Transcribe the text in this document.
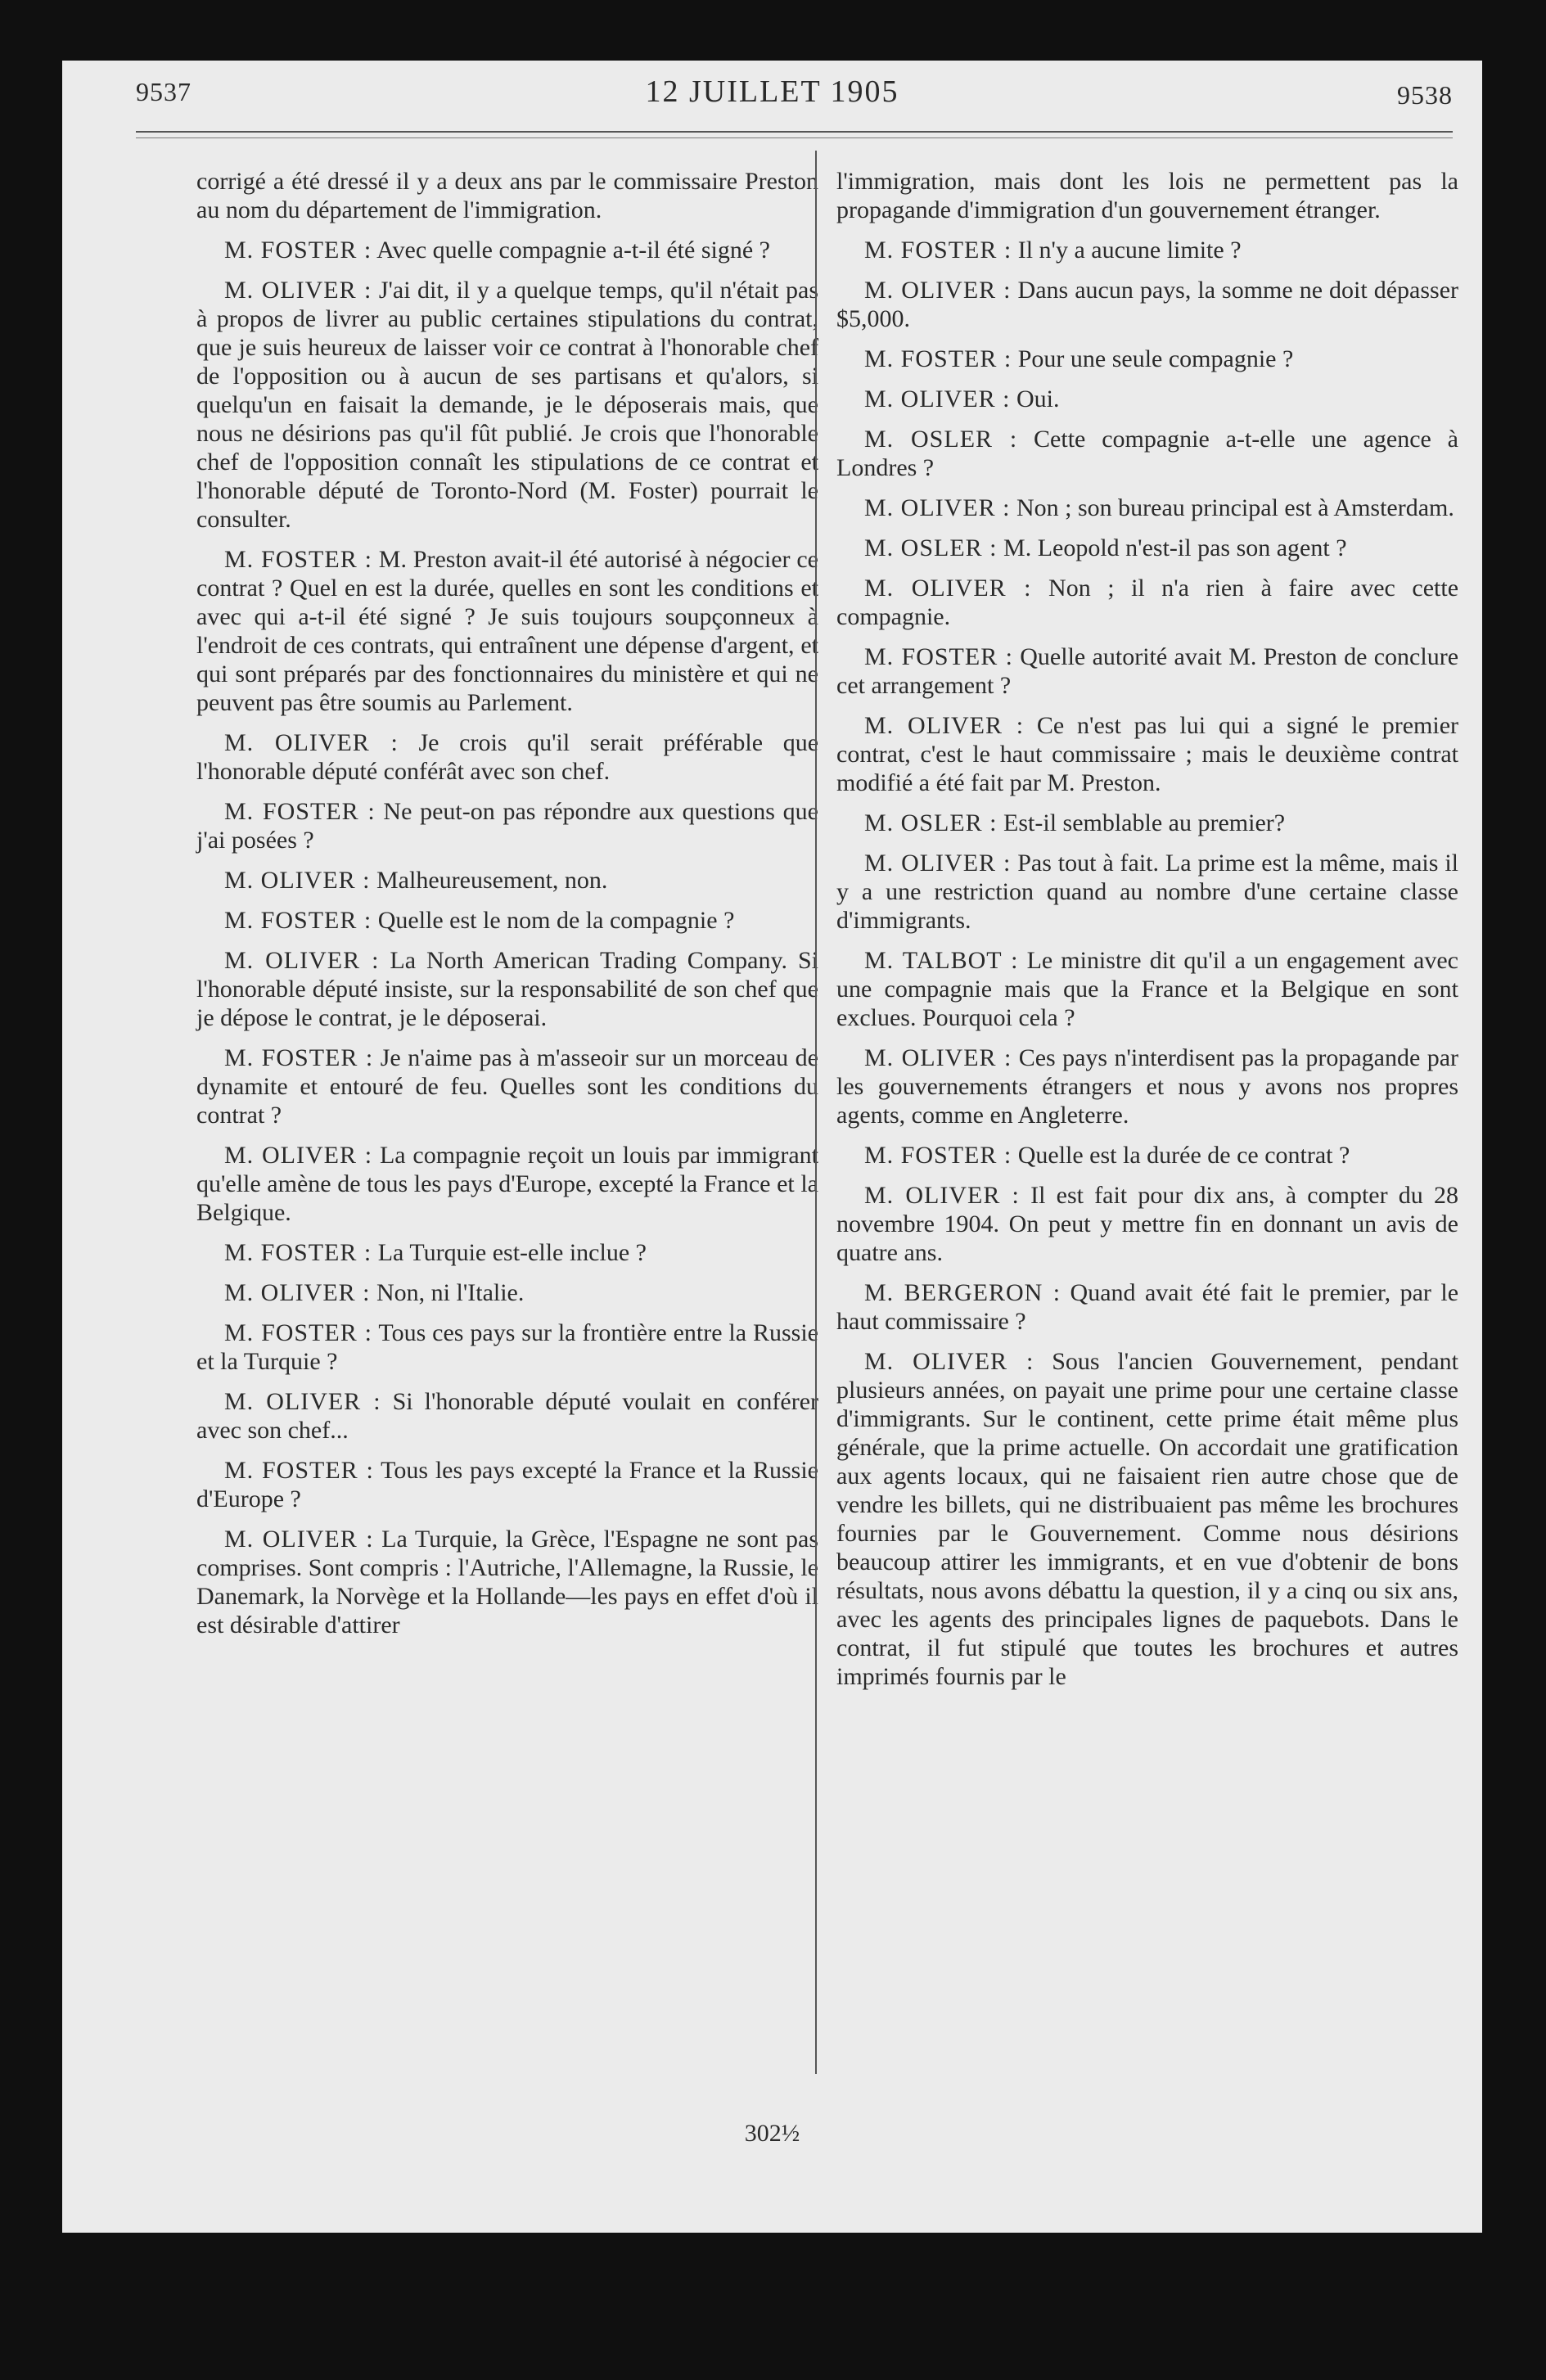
9537	12 JUILLET 1905	9538

corrigé a été dressé il y a deux ans par le commissaire Preston au nom du département de l'immigration.

M. FOSTER : Avec quelle compagnie a-t-il été signé ?

M. OLIVER : J'ai dit, il y a quelque temps, qu'il n'était pas à propos de livrer au public certaines stipulations du contrat, que je suis heureux de laisser voir ce contrat à l'honorable chef de l'opposition ou à aucun de ses partisans et qu'alors, si quelqu'un en faisait la demande, je le déposerais mais, que nous ne désirions pas qu'il fût publié. Je crois que l'honorable chef de l'opposition connaît les stipulations de ce contrat et l'honorable député de Toronto-Nord (M. Foster) pourrait le consulter.

M. FOSTER : M. Preston avait-il été autorisé à négocier ce contrat ? Quel en est la durée, quelles en sont les conditions et avec qui a-t-il été signé ? Je suis toujours soupçonneux à l'endroit de ces contrats, qui entraînent une dépense d'argent, et qui sont préparés par des fonctionnaires du ministère et qui ne peuvent pas être soumis au Parlement.

M. OLIVER : Je crois qu'il serait préférable que l'honorable député conférât avec son chef.

M. FOSTER : Ne peut-on pas répondre aux questions que j'ai posées ?

M. OLIVER : Malheureusement, non.

M. FOSTER : Quelle est le nom de la compagnie ?

M. OLIVER : La North American Trading Company. Si l'honorable député insiste, sur la responsabilité de son chef que je dépose le contrat, je le déposerai.

M. FOSTER : Je n'aime pas à m'asseoir sur un morceau de dynamite et entouré de feu. Quelles sont les conditions du contrat ?

M. OLIVER : La compagnie reçoit un louis par immigrant qu'elle amène de tous les pays d'Europe, excepté la France et la Belgique.

M. FOSTER : La Turquie est-elle incluе ?

M. OLIVER : Non, ni l'Italie.

M. FOSTER : Tous ces pays sur la frontière entre la Russie et la Turquie ?

M. OLIVER : Si l'honorable député voulait en conférer avec son chef...

M. FOSTER : Tous les pays excepté la France et la Russie d'Europe ?

M. OLIVER : La Turquie, la Grèce, l'Espagne ne sont pas comprises. Sont compris : l'Autriche, l'Allemagne, la Russie, le Danemark, la Norvège et la Hollande—les pays en effet d'où il est désirable d'attirer

l'immigration, mais dont les lois ne permettent pas la propagande d'immigration d'un gouvernement étranger.

M. FOSTER : Il n'y a aucune limite ?

M. OLIVER : Dans aucun pays, la somme ne doit dépasser $5,000.

M. FOSTER : Pour une seule compagnie ?

M. OLIVER : Oui.

M. OSLER : Cette compagnie a-t-elle une agence à Londres ?

M. OLIVER : Non ; son bureau principal est à Amsterdam.

M. OSLER : M. Leopold n'est-il pas son agent ?

M. OLIVER : Non ; il n'a rien à faire avec cette compagnie.

M. FOSTER : Quelle autorité avait M. Preston de conclure cet arrangement ?

M. OLIVER : Ce n'est pas lui qui a signé le premier contrat, c'est le haut commissaire ; mais le deuxième contrat modifié a été fait par M. Preston.

M. OSLER : Est-il semblable au premier?

M. OLIVER : Pas tout à fait. La prime est la même, mais il y a une restriction quand au nombre d'une certaine classe d'immigrants.

M. TALBOT : Le ministre dit qu'il a un engagement avec une compagnie mais que la France et la Belgique en sont exclues. Pourquoi cela ?

M. OLIVER : Ces pays n'interdisent pas la propagande par les gouvernements étrangers et nous y avons nos propres agents, comme en Angleterre.

M. FOSTER : Quelle est la durée de ce contrat ?

M. OLIVER : Il est fait pour dix ans, à compter du 28 novembre 1904. On peut y mettre fin en donnant un avis de quatre ans.

M. BERGERON : Quand avait été fait le premier, par le haut commissaire ?

M. OLIVER : Sous l'ancien Gouvernement, pendant plusieurs années, on payait une prime pour une certaine classe d'immigrants. Sur le continent, cette prime était même plus générale, que la prime actuelle. On accordait une gratification aux agents locaux, qui ne faisaient rien autre chose que de vendre les billets, qui ne distribuaient pas même les brochures fournies par le Gouvernement. Comme nous désirions beaucoup attirer les immigrants, et en vue d'obtenir de bons résultats, nous avons débattu la question, il y a cinq ou six ans, avec les agents des principales lignes de paquebots. Dans le contrat, il fut stipulé que toutes les brochures et autres imprimés fournis par le

302½
